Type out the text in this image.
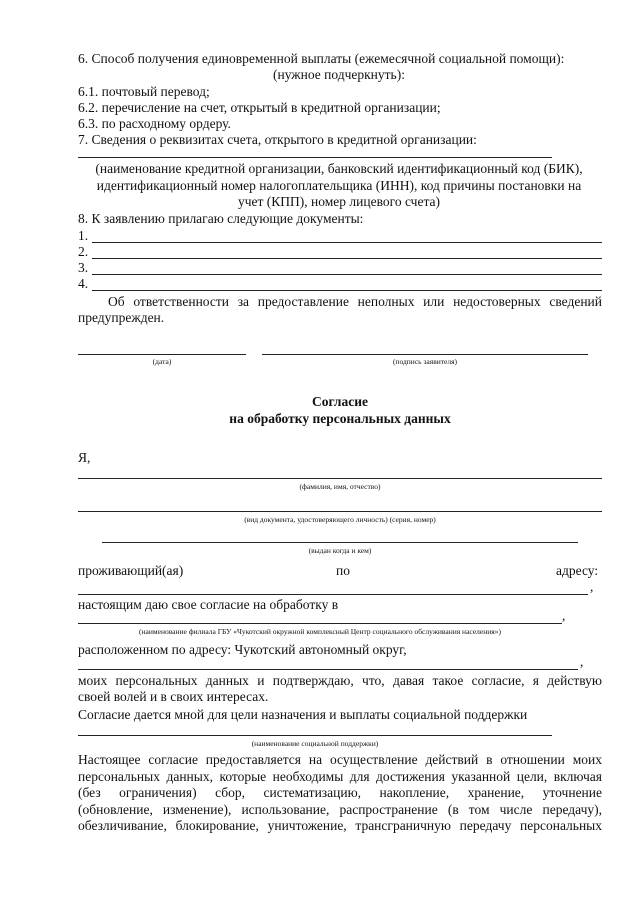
6. Способ получения единовременной выплаты (ежемесячной социальной помощи):
(нужное подчеркнуть):
6.1. почтовый перевод;
6.2. перечисление на счет, открытый в кредитной организации;
6.3. по расходному ордеру.
7. Сведения о реквизитах счета, открытого в кредитной организации:
(наименование кредитной организации, банковский идентификационный код (БИК),
идентификационный номер налогоплательщика (ИНН), код причины постановки на
учет (КПП), номер лицевого счета)
8. К заявлению прилагаю следующие документы:
1.
2.
3.
4.
Об ответственности за предоставление неполных или недостоверных сведений
предупрежден.
(дата)	(подпись заявителя)
Согласие
на обработку персональных данных
Я,
(фамилия, имя, отчество)
(вид документа, удостоверяющего личность) (серия, номер)
(выдан когда и кем)
проживающий(ая)	по	адресу:
,
настоящим даю свое согласие на обработку в
,
(наименование филиала ГБУ «Чукотский окружной комплексный Центр социального обслуживания населения»)
расположенном по адресу: Чукотский автономный округ,
,
моих персональных данных и подтверждаю, что, давая такое согласие, я действую
своей волей и в своих интересах.
Согласие дается мной для цели назначения и выплаты социальной поддержки
(наименование социальной поддержки)
Настоящее согласие предоставляется на осуществление действий в отношении моих
персональных данных, которые необходимы для достижения указанной цели, включая
(без ограничения) сбор, систематизацию, накопление, хранение, уточнение
(обновление, изменение), использование, распространение (в том числе передачу),
обезличивание, блокирование, уничтожение, трансграничную передачу персональных
